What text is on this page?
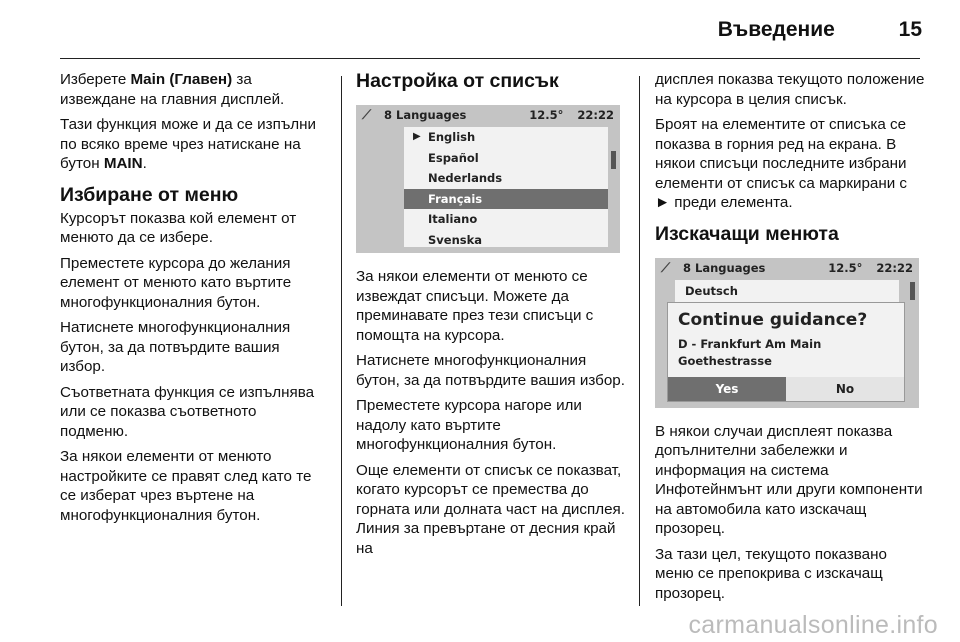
Въведение	15

Изберете Main (Главен) за извеждане на главния дисплей.

Тази функция може и да се изпълни по всяко време чрез натискане на бутон MAIN.

Избиране от меню

Курсорът показва кой елемент от менюто да се избере.

Преместете курсора до желания елемент от менюто като въртите многофункционалния бутон.

Натиснете многофункционалния бутон, за да потвърдите вашия избор.

Съответната функция се изпълнява или се показва съответното подменю.

За някои елементи от менюто настройките се правят след като те се изберат чрез въртене на многофункционалния бутон.

Настройка от списък
⟋	8 Languages	12.5° 22:22
▶ English
Español
Nederlands
Français
Italiano
Svenska

За някои елементи от менюто се извеждат списъци. Можете да преминавате през тези списъци с помощта на курсора.

Натиснете многофункционалния бутон, за да потвърдите вашия избор.

Преместете курсора нагоре или надолу като въртите многофункционалния бутон.

Още елементи от списък се показват, когато курсорът се премества до горната или долната част на дисплея. Линия за превъртане от десния край на

дисплея показва текущото положение на курсора в целия списък.

Броят на елементите от списъка се показва в горния ред на екрана. В някои списъци последните избрани елементи от списък са маркирани с ► преди елемента.

Изскачащи менюта
⟋	8 Languages	12.5° 22:22
Deutsch
Continue guidance?
D - Frankfurt Am Main
Goethestrasse
Yes	No

В някои случаи дисплеят показва допълнителни забележки и информация на система Инфотейнмънт или други компоненти на автомобила като изскачащ прозорец.

За тази цел, текущото показвано меню се препокрива с изскачащ прозорец.

carmanualsonline.info
